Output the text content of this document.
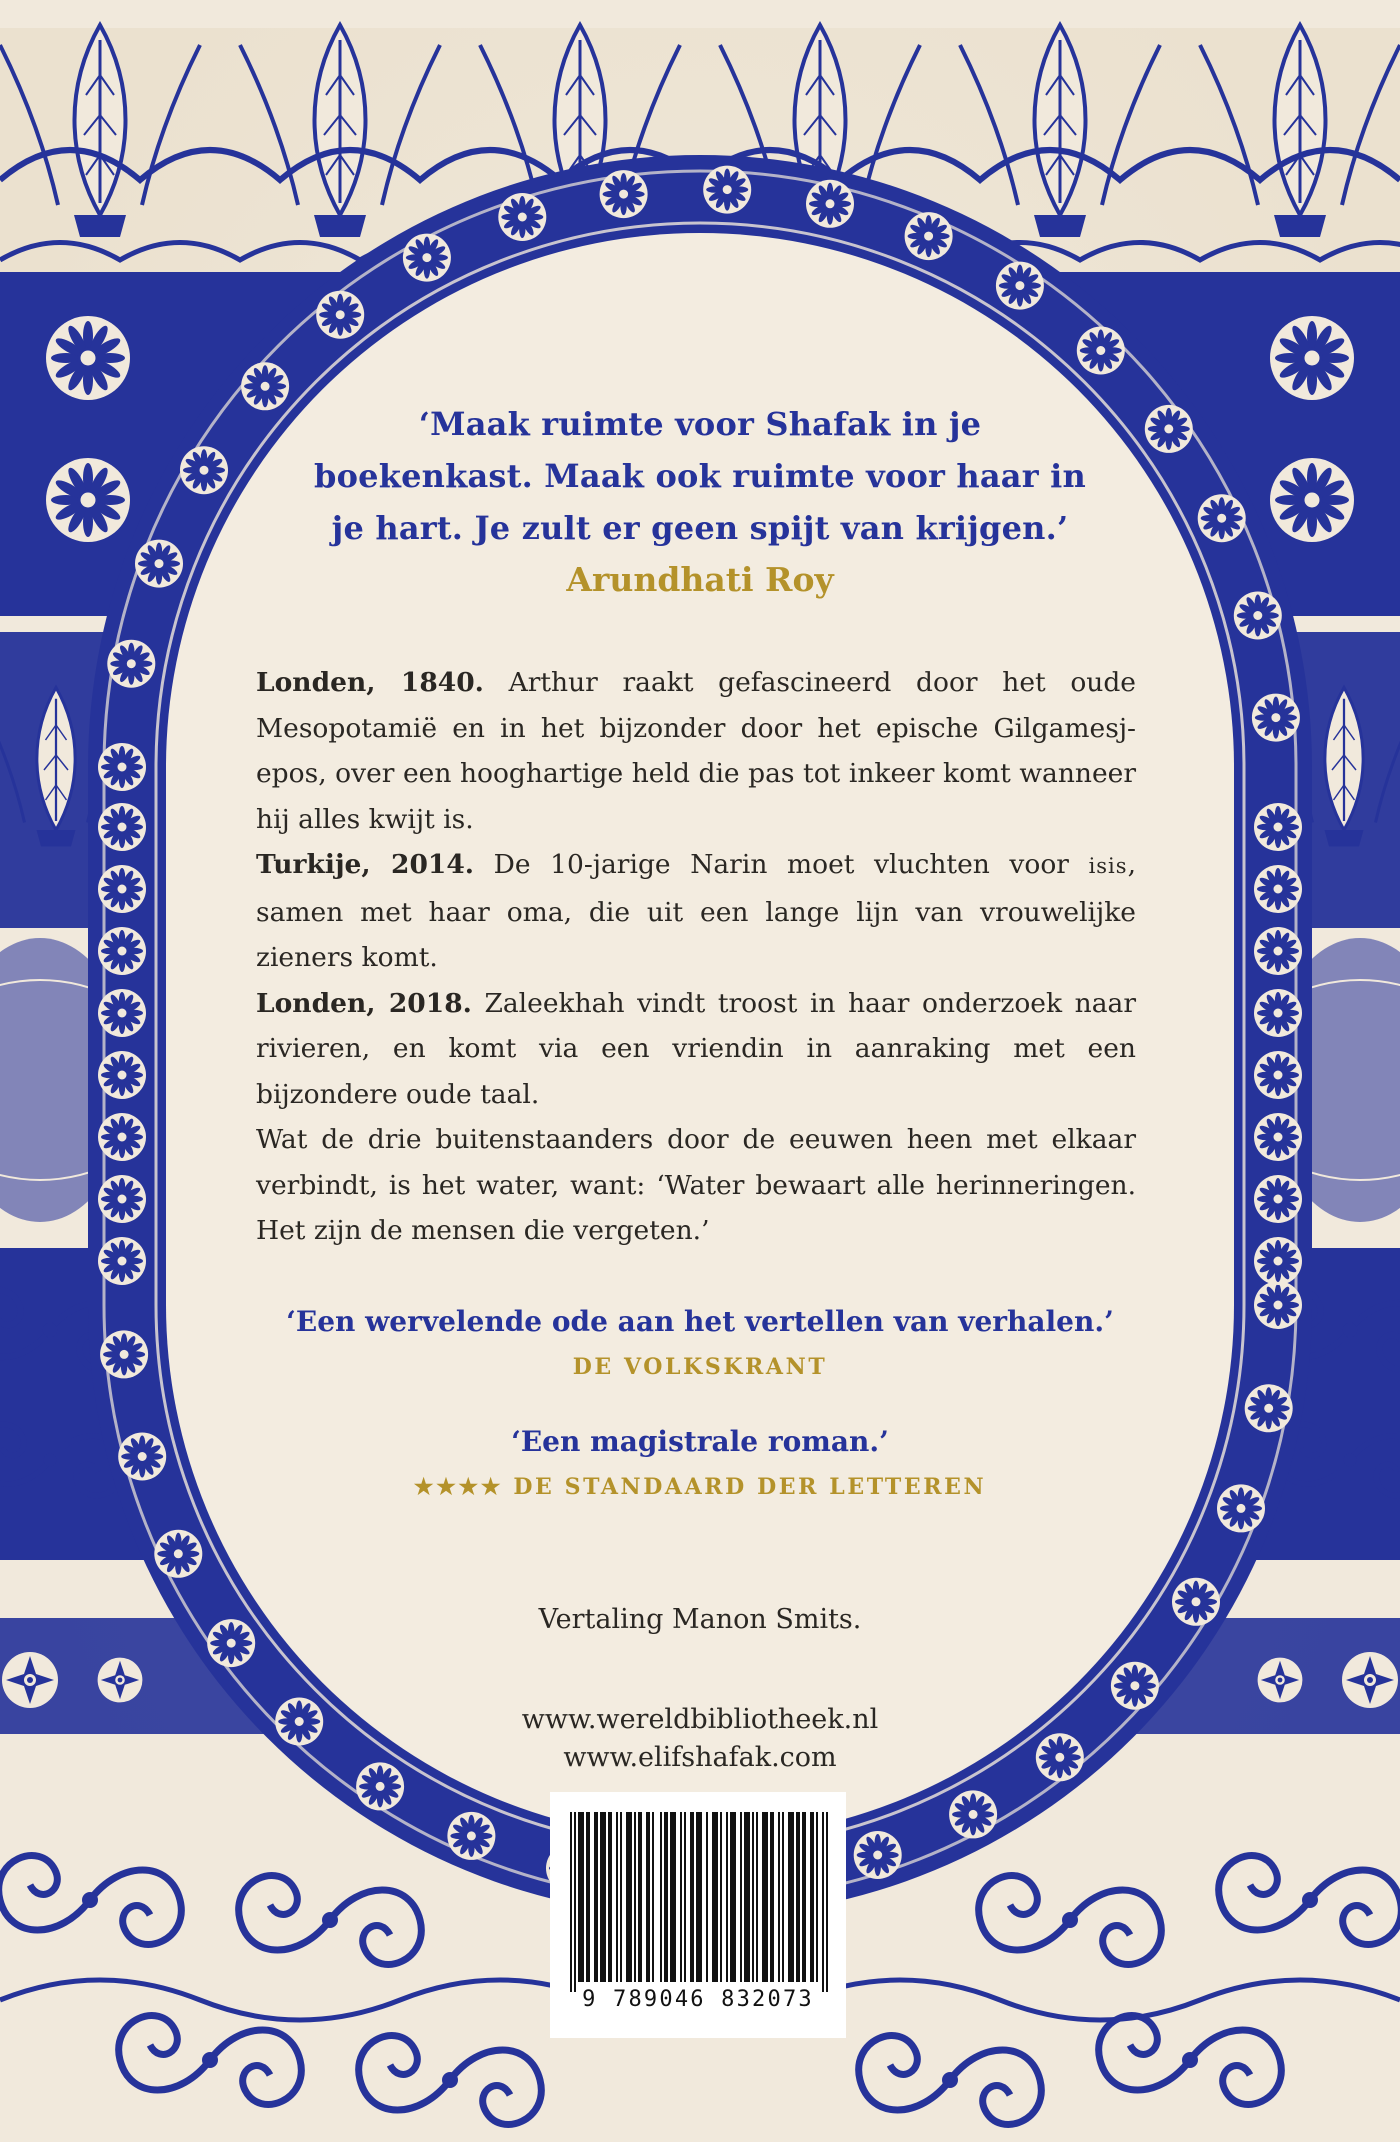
‘Maak ruimte voor Shafak in je
boekenkast. Maak ook ruimte voor haar in
je hart. Je zult er geen spijt van krijgen.’
Arundhati Roy

Londen, 1840. Arthur raakt gefascineerd door het oude Mesopotamië en in het bijzonder door het epische Gilgamesj-epos, over een hooghartige held die pas tot inkeer komt wanneer hij alles kwijt is.

Turkije, 2014. De 10-jarige Narin moet vluchten voor isis, samen met haar oma, die uit een lange lijn van vrouwelijke zieners komt.

Londen, 2018. Zaleekhah vindt troost in haar onderzoek naar rivieren, en komt via een vriendin in aanraking met een bijzondere oude taal.

Wat de drie buitenstaanders door de eeuwen heen met elkaar verbindt, is het water, want: ‘Water bewaart alle herinneringen. Het zijn de mensen die vergeten.’

‘Een wervelende ode aan het vertellen van verhalen.’
DE VOLKSKRANT
‘Een magistrale roman.’
★★★★ DE STANDAARD DER LETTEREN
Vertaling Manon Smits.
www.wereldbibliotheek.nl
www.elifshafak.com
9 789046 832073
